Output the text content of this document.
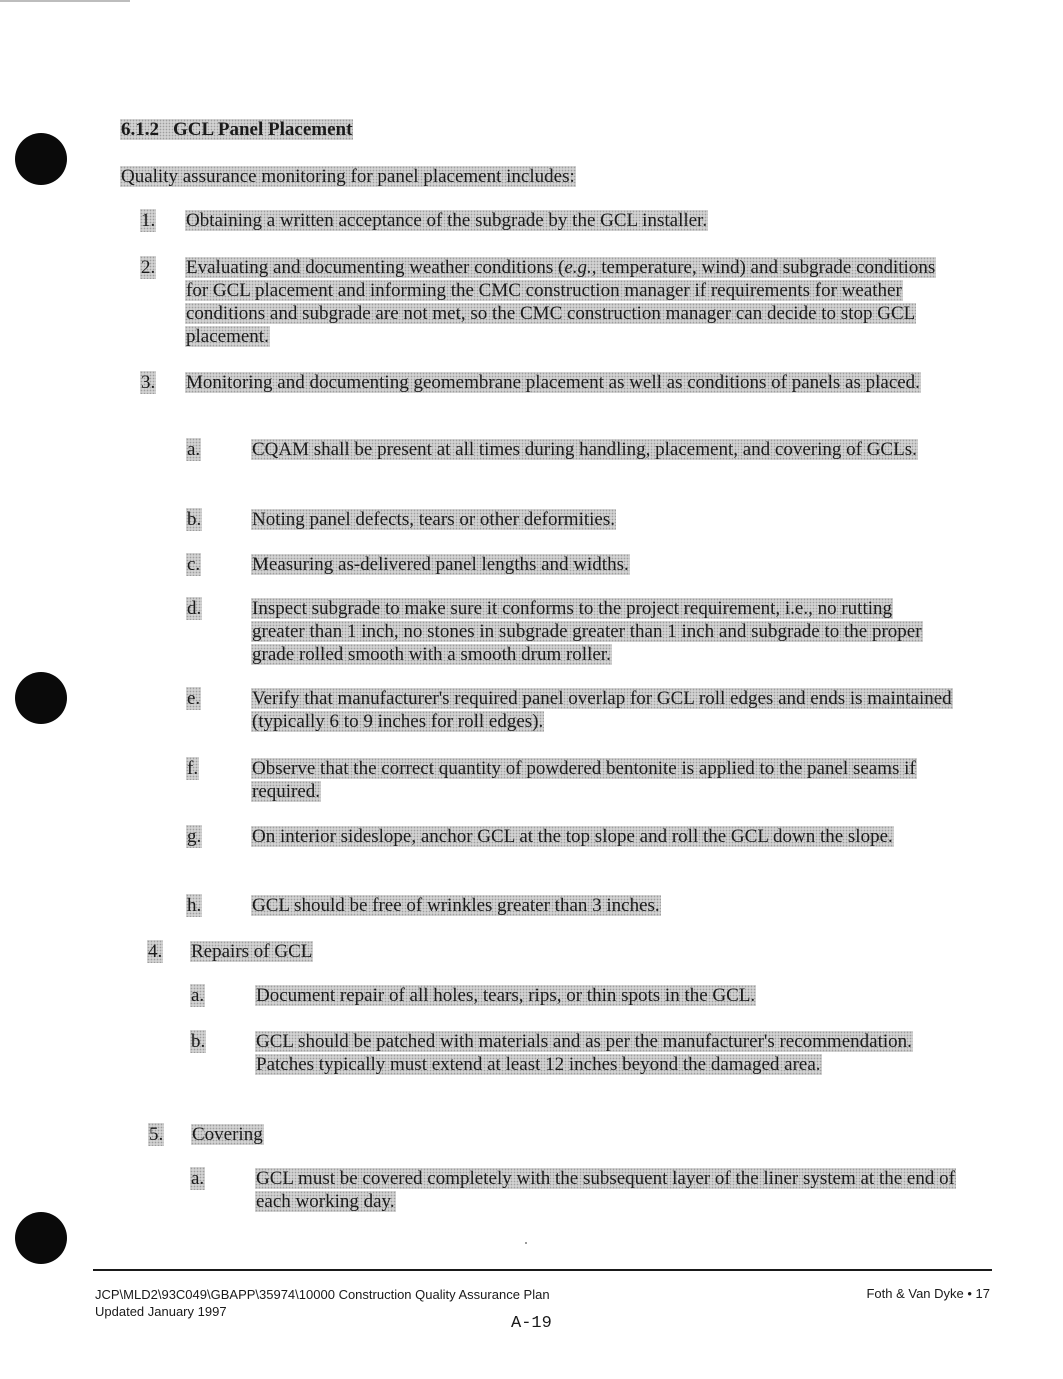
6.1.2 GCL Panel Placement
Quality assurance monitoring for panel placement includes:
1. Obtaining a written acceptance of the subgrade by the GCL installer.
2. Evaluating and documenting weather conditions (e.g., temperature, wind) and subgrade conditions for GCL placement and informing the CMC construction manager if requirements for weather conditions and subgrade are not met, so the CMC construction manager can decide to stop GCL placement.
3. Monitoring and documenting geomembrane placement as well as conditions of panels as placed.
a.	CQAM shall be present at all times during handling, placement, and covering of GCLs.
b.	Noting panel defects, tears or other deformities.
c.	Measuring as-delivered panel lengths and widths.
d.	Inspect subgrade to make sure it conforms to the project requirement, i.e., no rutting greater than 1 inch, no stones in subgrade greater than 1 inch and subgrade to the proper grade rolled smooth with a smooth drum roller.
e.	Verify that manufacturer's required panel overlap for GCL roll edges and ends is maintained (typically 6 to 9 inches for roll edges).
f.	Observe that the correct quantity of powdered bentonite is applied to the panel seams if required.
g.	On interior sideslope, anchor GCL at the top slope and roll the GCL down the slope.
h.	GCL should be free of wrinkles greater than 3 inches.
4. Repairs of GCL
a.	Document repair of all holes, tears, rips, or thin spots in the GCL.
b.	GCL should be patched with materials and as per the manufacturer's recommendation. Patches typically must extend at least 12 inches beyond the damaged area.
5. Covering
a.	GCL must be covered completely with the subsequent layer of the liner system at the end of each working day.
JCP\MLD2\93C049\GBAPP\35974\10000 Construction Quality Assurance Plan
Updated January 1997
Foth & Van Dyke • 17
A-19
